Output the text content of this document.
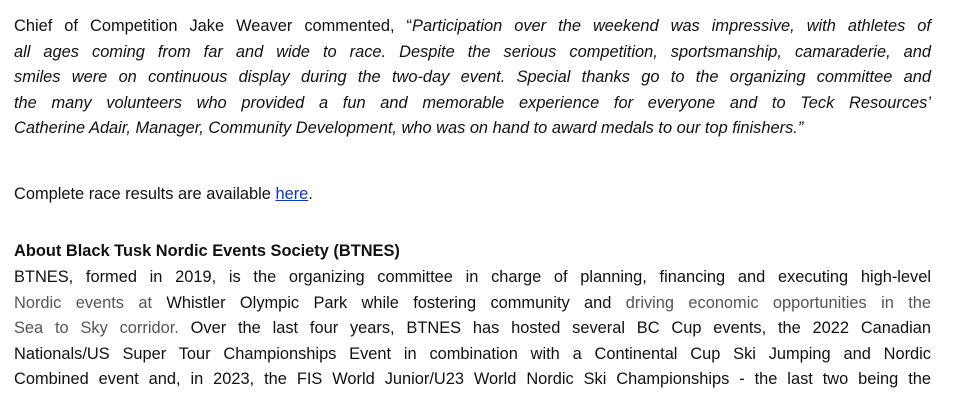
Chief of Competition Jake Weaver commented, “Participation over the weekend was impressive, with athletes of
all ages coming from far and wide to race. Despite the serious competition, sportsmanship, camaraderie, and
smiles were on continuous display during the two-day event. Special thanks go to the organizing committee and
the many volunteers who provided a fun and memorable experience for everyone and to Teck Resources’
Catherine Adair, Manager, Community Development, who was on hand to award medals to our top finishers.”

Complete race results are available here.

About Black Tusk Nordic Events Society (BTNES)

BTNES, formed in 2019, is the organizing committee in charge of planning, financing and executing high-level
Nordic events at Whistler Olympic Park while fostering community and driving economic opportunities in the
Sea to Sky corridor. Over the last four years, BTNES has hosted several BC Cup events, the 2022 Canadian
Nationals/US Super Tour Championships Event in combination with a Continental Cup Ski Jumping and Nordic
Combined event and, in 2023, the FIS World Junior/U23 World Nordic Ski Championships - the last two being the
